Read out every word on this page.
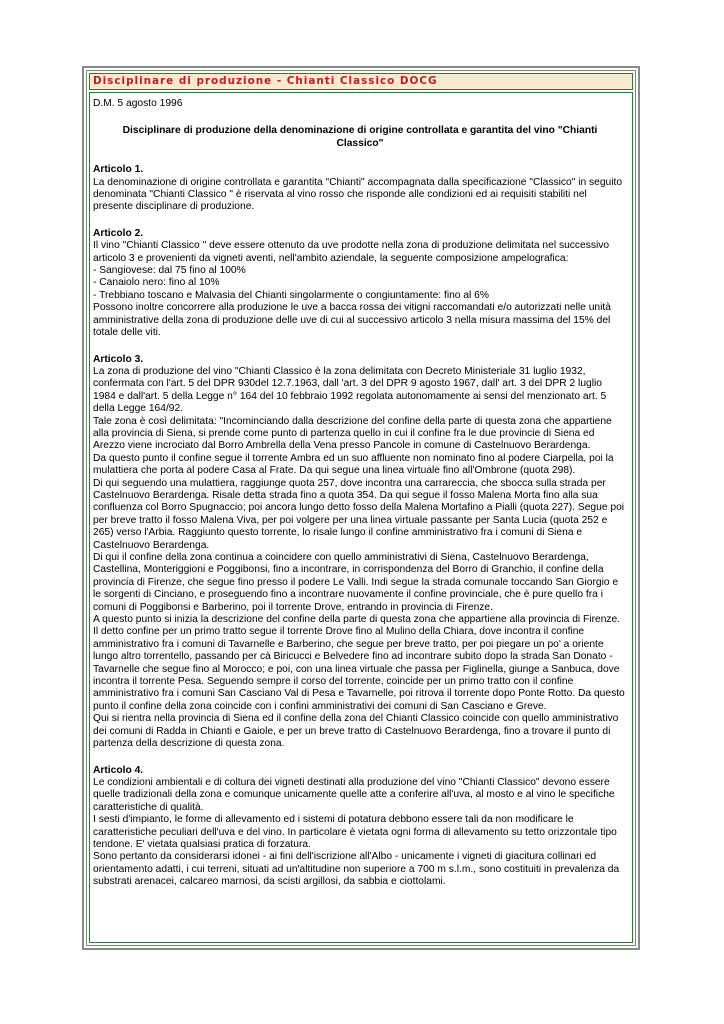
Disciplinare di produzione - Chianti Classico DOCG
D.M. 5 agosto 1996
Disciplinare di produzione della denominazione di origine controllata e garantita del vino "Chianti Classico"
Articolo 1.
La denominazione di origine controllata e garantita "Chianti" accompagnata dalla specificazione "Classico" in seguito denominata "Chianti Classico " è riservata al vino rosso che risponde alle condizioni ed ai requisiti stabiliti nel presente disciplinare di produzione.
Articolo 2.
Il vino "Chianti Classico " deve essere ottenuto da uve prodotte nella zona di produzione delimitata nel successivo articolo 3 e provenienti da vigneti aventi, nell'ambito aziendale, la seguente composizione ampelografica:
- Sangiovese: dal 75 fino al 100%
- Canaiolo nero: fino al 10%
- Trebbiano toscano e Malvasia del Chianti singolarmente o congiuntamente: fino al 6%
Possono inoltre concorrere alla produzione le uve a bacca rossa dei vitigni raccomandati e/o autorizzati nelle unità amministrative della zona di produzione delle uve di cui al successivo articolo 3 nella misura massima del 15% del totale delle viti.
Articolo 3.
La zona di produzione del vino "Chianti Classico è la zona delimitata con Decreto Ministeriale 31 luglio 1932, confermata con l'art. 5 del DPR 930del 12.7.1963, dall 'art. 3 del DPR 9 agosto 1967, dall' art. 3 del DPR 2 luglio 1984 e dall'art. 5 della Legge n° 164 del 10 febbraio 1992 regolata autonomamente ai sensi del menzionato art. 5 della Legge 164/92.
Tale zona è così delimitata: "Incominciando dalla descrizione del confine della parte di questa zona che appartiene alla provincia di Siena, si prende come punto di partenza quello in cui il confine fra le due provincie di Siena ed Arezzo viene incrociato dal Borro Ambrella della Vena presso Pancole in comune di Castelnuovo Berardenga.
Da questo punto il confine segue il torrente Ambra ed un suo affluente non nominato fino al podere Ciarpella, poi la mulattiera che porta al podere Casa al Frate. Da qui segue una linea virtuale fino all'Ombrone (quota 298).
Di qui seguendo una mulattiera, raggiunge quota 257, dove incontra una carrareccia, che sbocca sulla strada per Castelnuovo Berardenga. Risale detta strada fino a quota 354. Da qui segue il fosso Malena Morta fino alla sua confluenza col Borro Spugnaccio; poi ancora lungo detto fosso della Malena Mortafino a Pialli (quota 227). Segue poi per breve tratto il fosso Malena Viva, per poi volgere per una linea virtuale passante per Santa Lucia (quota 252 e 265) verso l'Arbia. Raggiunto questo torrente, lo risale lungo il confine amministrativo fra i comuni di Siena e Castelnuovo Berardenga.
Di qui il confine della zona continua a coincidere con quello amministrativi di Siena, Castelnuovo Berardenga, Castellina, Monteriggioni e Poggibonsi, fino a incontrare, in corrispondenza del Borro di Granchio, il confine della provincia di Firenze, che segue fino presso il podere Le Valli. Indi segue la strada comunale toccando San Giorgio e le sorgenti di Cinciano, e proseguendo fino a incontrare nuovamente il confine provinciale, che è pure quello fra i comuni di Poggibonsi e Barberino, poi il torrente Drove, entrando in provincia di Firenze.
A questo punto si inizia la descrizione del confine della parte di questa zona che appartiene alla provincia di Firenze. Il detto confine per un primo tratto segue il torrente Drove fino al Mulino della Chiara, dove incontra il confine amministrativo fra i comuni di Tavarnelle e Barberino, che segue per breve tratto, per poi piegare un po' a oriente lungo altro torrentello, passando per cà Biricucci e Belvedere fino ad incontrare subito dopo la strada San Donato - Tavarnelle che segue fino al Morocco; e poi, con una linea virtuale che passa per Figlinella, giunge a Sanbuca, dove incontra il torrente Pesa. Seguendo sempre il corso del torrente, coincide per un primo tratto con il confine amministrativo fra i comuni San Casciano Val di Pesa e Tavarnelle, poi ritrova il torrente dopo Ponte Rotto. Da questo punto il confine della zona coincide con i confini amministrativi dei comuni di San Casciano e Greve.
Qui si rientra nella provincia di Siena ed il confine della zona del Chianti Classico coincide con quello amministrativo dei comuni di Radda in Chianti e Gaiole, e per un breve tratto di Castelnuovo Berardenga, fino a trovare il punto di partenza della descrizione di questa zona.
Articolo 4.
Le condizioni ambientali e di coltura dei vigneti destinati alla produzione del vino "Chianti Classico" devono essere quelle tradizionali della zona e comunque unicamente quelle atte a conferire all'uva, al mosto e al vino le specifiche caratteristiche di qualità.
I sesti d'impianto, le forme di allevamento ed i sistemi di potatura debbono essere tali da non modificare le caratteristiche peculiari dell'uva e del vino. In particolare è vietata ogni forma di allevamento su tetto orizzontale tipo tendone. E' vietata qualsiasi pratica di forzatura.
Sono pertanto da considerarsi idonei - ai fini dell'iscrizione all'Albo - unicamente i vigneti di giacitura collinari ed orientamento adatti, i cui terreni, situati ad un'altitudine non superiore a 700 m s.l.m., sono costituiti in prevalenza da substrati arenacei, calcareo marnosi, da scisti argillosi, da sabbia e ciottolami.
